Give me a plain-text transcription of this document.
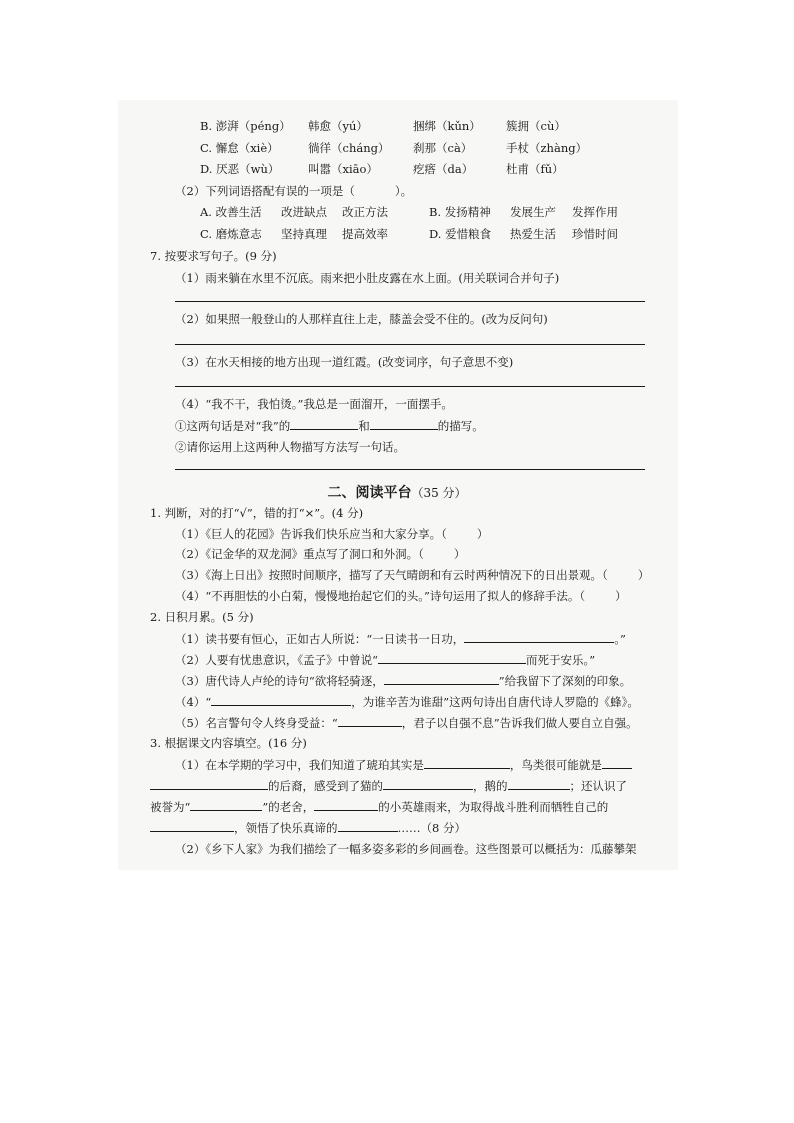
B. 澎湃（péng） 韩愈（yú）	捆绑（kǔn） 簇拥（cù）
C. 懈怠（xiè）	徜徉（cháng） 刹那（cà）	手杖（zhàng）
D. 厌恶（wù） 叫嚣（xiāo）	疙瘩（da）	杜甫（fǔ）
（2）下列词语搭配有误的一项是（	）。
A. 改善生活 改进缺点 改正方法	B. 发扬精神 发展生产 发挥作用
C. 磨炼意志 坚持真理 提高效率	D. 爱惜粮食 热爱生活 珍惜时间
7. 按要求写句子。(9 分)
（1）雨来躺在水里不沉底。雨来把小肚皮露在水上面。(用关联词合并句子)
（2）如果照一般登山的人那样直往上走，膝盖会受不住的。(改为反问句)
（3）在水天相接的地方出现一道红霞。(改变词序，句子意思不变)
（4）“我不干，我怕烫。”我总是一面溜开，一面摆手。
①这两句话是对“我”的	和	的描写。
②请你运用上这两种人物描写方法写一句话。
二、阅读平台（35 分）
1. 判断，对的打“√”，错的打“×”。(4 分)
（1）《巨人的花园》告诉我们快乐应当和大家分享。（	）
（2）《记金华的双龙洞》重点写了洞口和外洞。（	）
（3）《海上日出》按照时间顺序，描写了天气晴朗和有云时两种情况下的日出景观。（	）
（4）“不再胆怯的小白菊，慢慢地抬起它们的头。”诗句运用了拟人的修辞手法。（	）
2. 日积月累。(5 分)
（1）读书要有恒心，正如古人所说：“一日读书一日功，	。”
（2）人要有忧患意识，《孟子》中曾说“	而死于安乐。”
（3）唐代诗人卢纶的诗句“欲将轻骑逐，	”给我留下了深刻的印象。
（4）“	，为谁辛苦为谁甜”这两句诗出自唐代诗人罗隐的《蜂》。
（5）名言警句令人终身受益：“	，君子以自强不息”告诉我们做人要自立自强。
3. 根据课文内容填空。(16 分)
（1）在本学期的学习中，我们知道了琥珀其实是	，鸟类很可能就是
的后裔，感受到了猫的	，鹅的	；还认识了
被誉为“	”的老舍，	的小英雄雨来，为取得战斗胜利而牺牲自己的
，领悟了快乐真谛的	……（8 分）
（2）《乡下人家》为我们描绘了一幅多姿多彩的乡间画卷。这些图景可以概括为：瓜藤攀架
